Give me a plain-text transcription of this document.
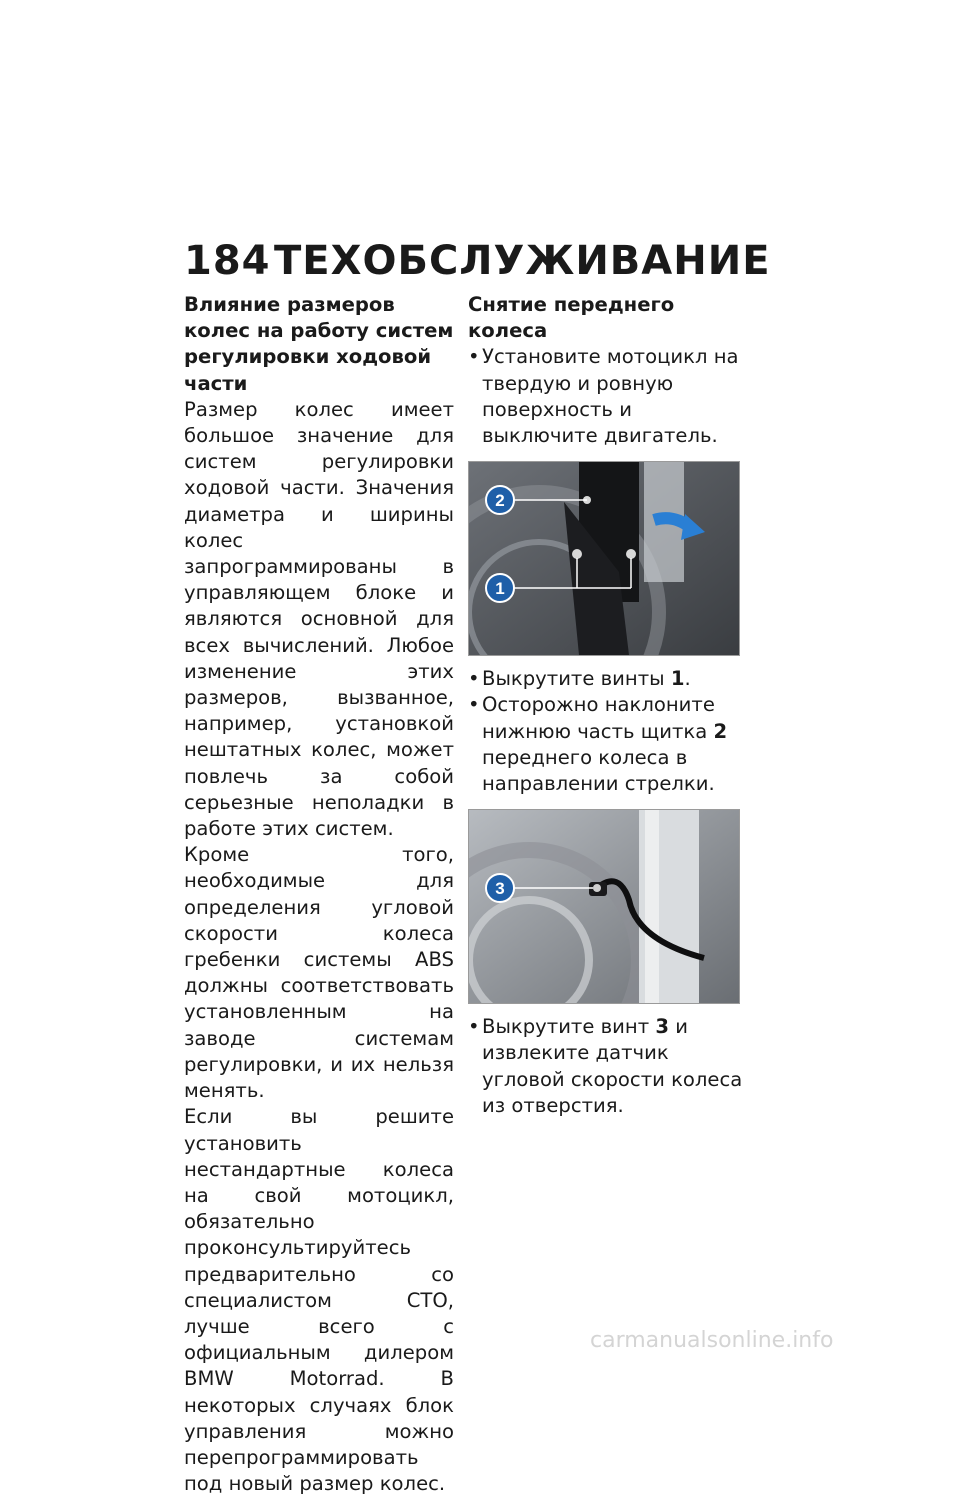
184ТЕХОБСЛУЖИВАНИЕ
Влияние размеров
колес на работу систем
регулировки ходовой части

Размер колес имеет большое значение для систем регулировки ходовой части. Значения диаметра и ширины колес запрограммированы в управляющем блоке и являются основной для всех вычислений. Любое изменение этих размеров, вызванное, например, установкой нештатных колес, может повлечь за собой серьезные неполадки в работе этих систем.

Кроме того, необходимые для определения угловой скорости колеса гребенки системы ABS должны соответствовать установленным на заводе системам регулировки, и их нельзя менять.

Если вы решите установить нестандартные колеса на свой мотоцикл, обязательно проконсультируйтесь предварительно со специалистом СТО, лучше всего с официальным дилером BMW Motorrad. В некоторых случаях блок управления можно перепрограммировать под новый размер колес.

Снятие переднего колеса
• Установите мотоцикл на твердую и ровную поверхность и выключите двигатель.
2
1
• Выкрутите винты 1.
• Осторожно наклоните нижнюю часть щитка 2 переднего колеса в направлении стрелки.
3
• Выкрутите винт 3 и извлеките датчик угловой скорости колеса из отверстия.
carmanualsonline.info
